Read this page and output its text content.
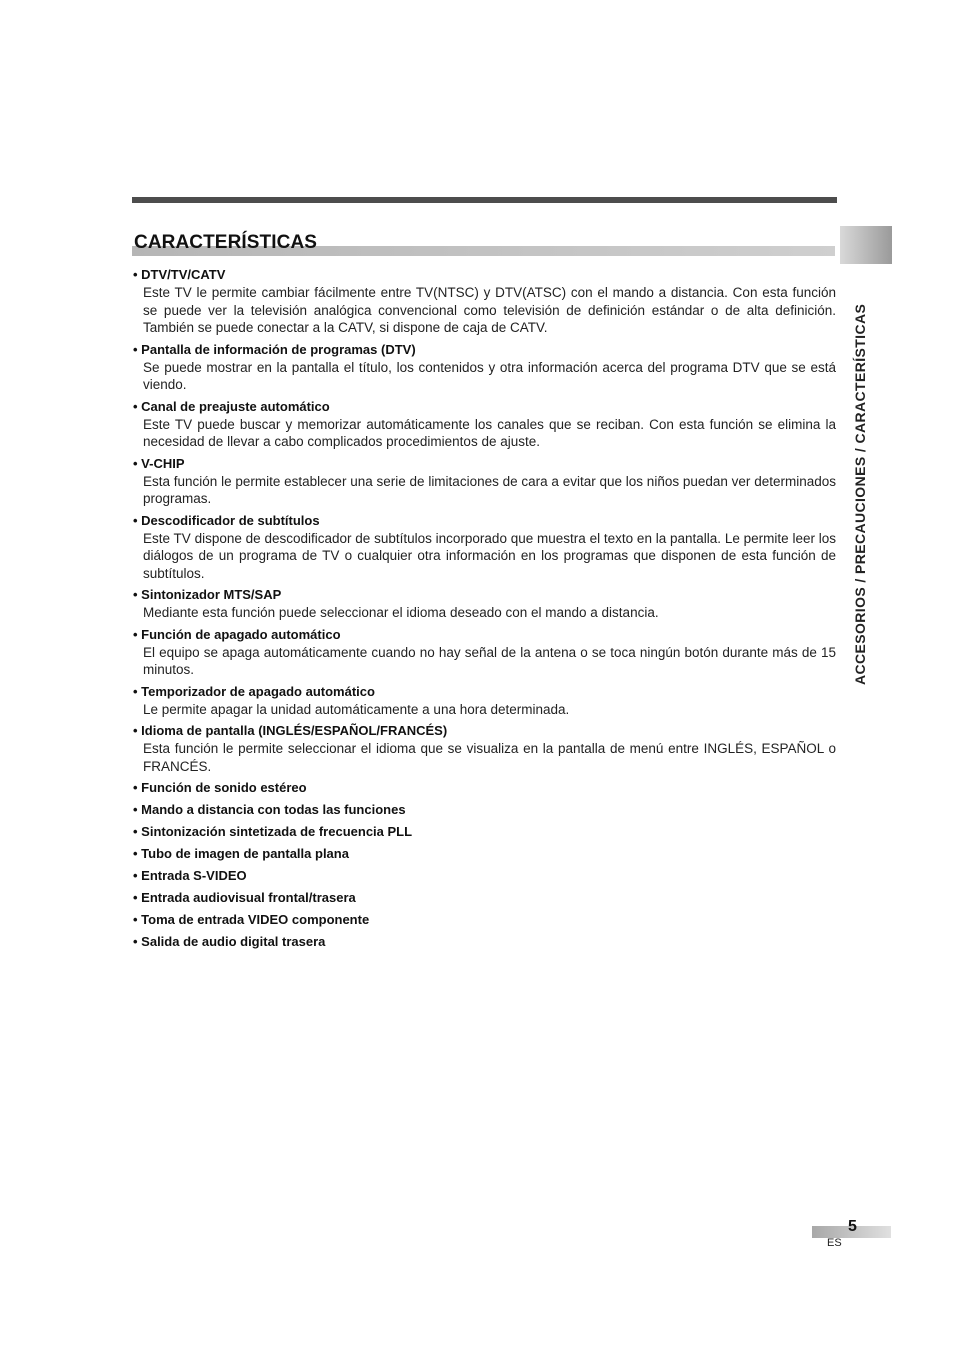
CARACTERÍSTICAS
ACCESORIOS / PRECAUCIONES / CARACTERÍSTICAS
• DTV/TV/CATV
Este TV le permite cambiar fácilmente entre TV(NTSC) y DTV(ATSC) con el mando a distancia. Con esta función se puede ver la televisión analógica convencional como televisión de definición estándar o de alta definición. También se puede conectar a la CATV, si dispone de caja de CATV.
• Pantalla de información de programas (DTV)
Se puede mostrar en la pantalla el título, los contenidos y otra información acerca del programa DTV que se está viendo.
• Canal de preajuste automático
Este TV puede buscar y memorizar automáticamente los canales que se reciban. Con esta función se elimina la necesidad de llevar a cabo complicados procedimientos de ajuste.
• V-CHIP
Esta función le permite establecer una serie de limitaciones de cara a evitar que los niños puedan ver determinados programas.
• Descodificador de subtítulos
Este TV dispone de descodificador de subtítulos incorporado que muestra el texto en la pantalla. Le permite leer los diálogos de un programa de TV o cualquier otra información en los programas que disponen de esta función de subtítulos.
• Sintonizador MTS/SAP
Mediante esta función puede seleccionar el idioma deseado con el mando a distancia.
• Función de apagado automático
El equipo se apaga automáticamente cuando no hay señal de la antena o se toca ningún botón durante más de 15 minutos.
• Temporizador de apagado automático
Le permite apagar la unidad automáticamente a una hora determinada.
• Idioma de pantalla (INGLÉS/ESPAÑOL/FRANCÉS)
Esta función le permite seleccionar el idioma que se visualiza en la pantalla de menú entre INGLÉS, ESPAÑOL o FRANCÉS.
• Función de sonido estéreo
• Mando a distancia con todas las funciones
• Sintonización sintetizada de frecuencia PLL
• Tubo de imagen de pantalla plana
• Entrada S-VIDEO
• Entrada audiovisual frontal/trasera
• Toma de entrada VIDEO componente
• Salida de audio digital trasera
5
ES
